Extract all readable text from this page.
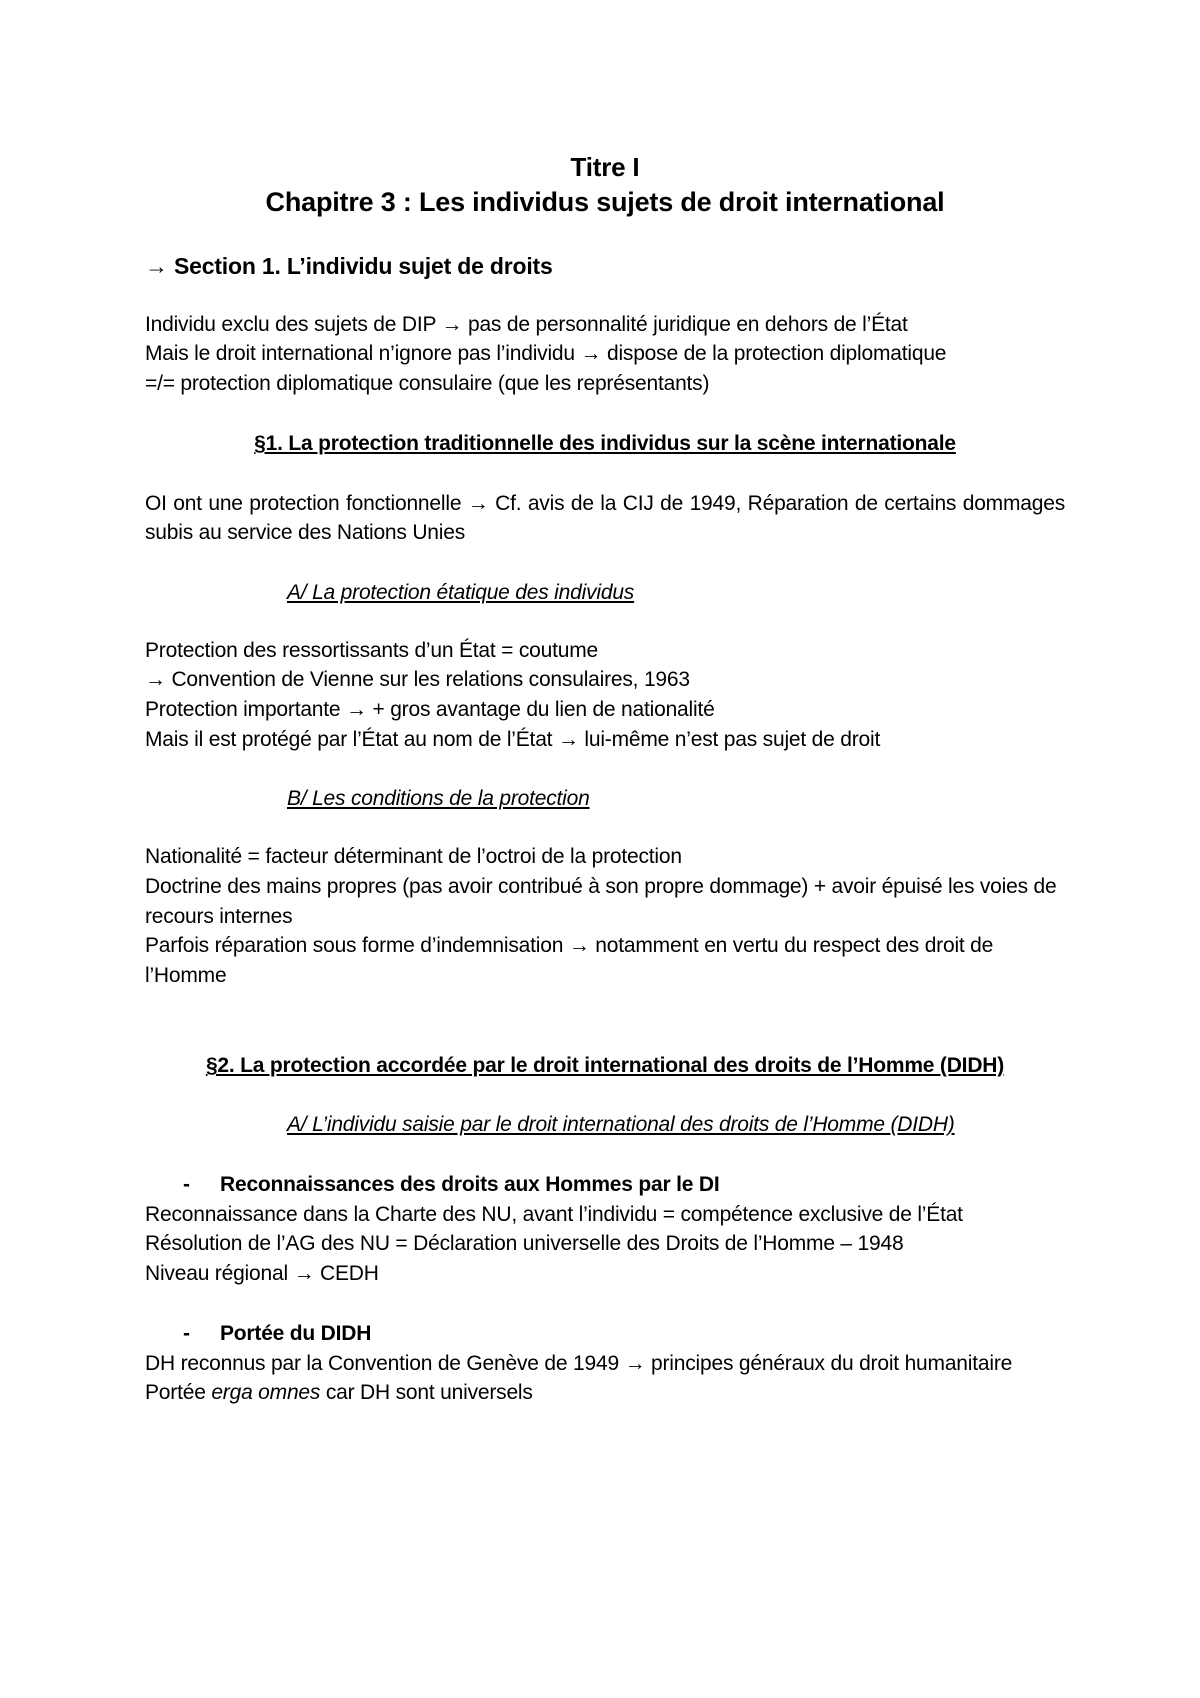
Titre I

Chapitre 3 : Les individus sujets de droit international

→ Section 1. L’individu sujet de droits

Individu exclu des sujets de DIP → pas de personnalité juridique en dehors de l’État

Mais le droit international n’ignore pas l’individu → dispose de la protection diplomatique

=/= protection diplomatique consulaire (que les représentants)

§1. La protection traditionnelle des individus sur la scène internationale

OI ont une protection fonctionnelle → Cf. avis de la CIJ de 1949, Réparation de certains dommages subis au service des Nations Unies

A/ La protection étatique des individus

Protection des ressortissants d’un État = coutume

→ Convention de Vienne sur les relations consulaires, 1963

Protection importante → + gros avantage du lien de nationalité

Mais il est protégé par l’État au nom de l’État → lui-même n’est pas sujet de droit

B/ Les conditions de la protection

Nationalité = facteur déterminant de l’octroi de la protection

Doctrine des mains propres (pas avoir contribué à son propre dommage) + avoir épuisé les voies de recours internes

Parfois réparation sous forme d’indemnisation → notamment en vertu du respect des droit de l’Homme

§2. La protection accordée par le droit international des droits de l’Homme (DIDH)

A/ L’individu saisie par le droit international des droits de l’Homme (DIDH)

- Reconnaissances des droits aux Hommes par le DI

Reconnaissance dans la Charte des NU, avant l’individu = compétence exclusive de l’État

Résolution de l’AG des NU = Déclaration universelle des Droits de l’Homme – 1948

Niveau régional → CEDH

- Portée du DIDH

DH reconnus par la Convention de Genève de 1949 → principes généraux du droit humanitaire

Portée erga omnes car DH sont universels
